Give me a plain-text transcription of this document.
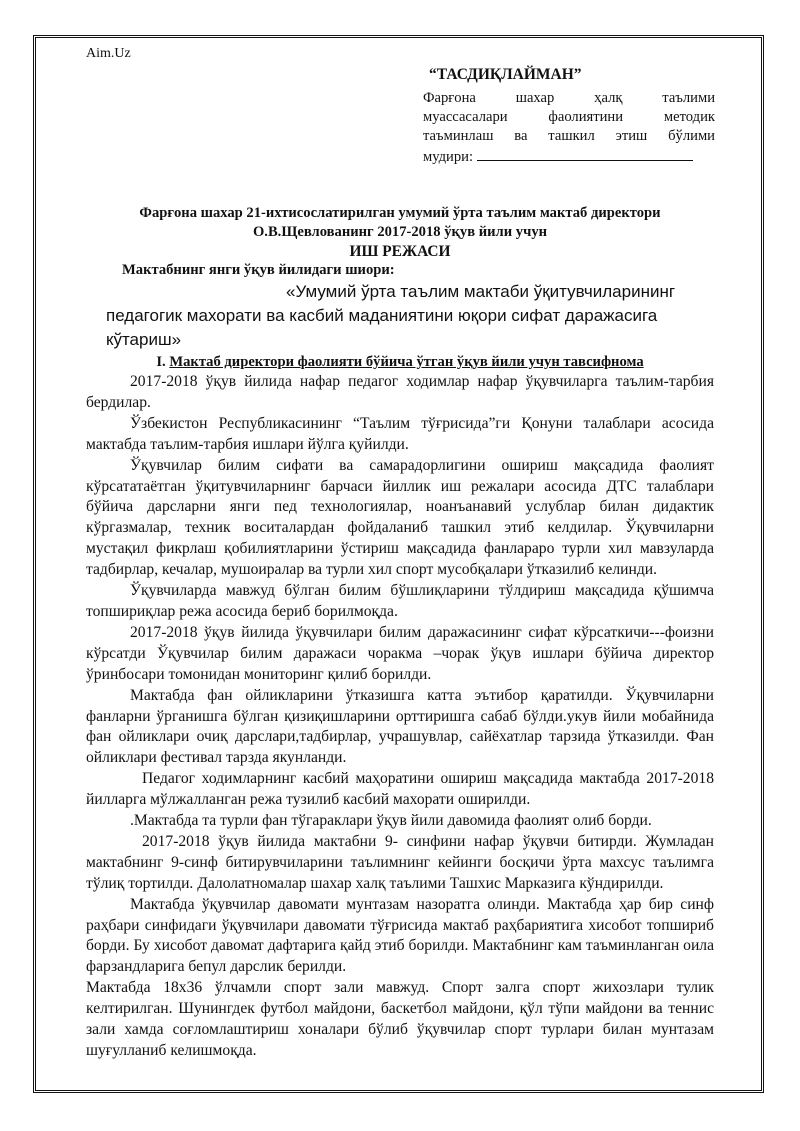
Aim.Uz

“ТАСДИҚЛАЙМАН”

Фарғона шахар ҳалқ таълими

муассасалари фаолиятини методик

таъминлаш ва ташкил этиш бўлими

мудири:

Фарғона шахар 21-ихтисослатирилган умумий ўрта таълим мактаб директори

О.В.Щевлованинг 2017-2018 ўқув йили учун

ИШ РЕЖАСИ

Мактабнинг янги ўқув йилидаги шиори:

«Умумий ўрта таълим мактаби ўқитувчиларининг
педагогик махорати ва касбий маданиятини юқори сифат даражасига
кўтариш»

I. Мактаб директори фаолияти бўйича ўтган ўқув йили учун тавсифнома

2017-2018 ўқув йилида нафар педагог ходимлар нафар ўқувчиларга таълим-тарбия бердилар.

Ўзбекистон Республикасининг “Таълим тўғрисида”ги Қонуни талаблари асосида мактабда таълим-тарбия ишлари йўлга қуйилди.

Ўқувчилар билим сифати ва самарадорлигини ошириш мақсадида фаолият кўрсататаётган ўқитувчиларнинг барчаси йиллик иш режалари асосида ДТС талаблари бўйича дарсларни янги пед технологиялар, ноанъанавий услублар билан дидактик кўргазмалар, техник воситалардан фойдаланиб ташкил этиб келдилар. Ўқувчиларни мустақил фикрлаш қобилиятларини ўстириш мақсадида фанлараро турли хил мавзуларда тадбирлар, кечалар, мушоиралар ва турли хил спорт мусобқалари ўтказилиб келинди.

Ўқувчиларда мавжуд бўлган билим бўшлиқларини тўлдириш мақсадида қўшимча топшириқлар режа асосида бериб борилмоқда.

2017-2018 ўқув йилида ўқувчилари билим даражасининг сифат кўрсаткичи---фоизни кўрсатди Ўқувчилар билим даражаси чоракма –чорак ўқув ишлари бўйича директор ўринбосари томонидан мониторинг қилиб борилди.

Мактабда фан ойликларини ўтказишга катта эътибор қаратилди. Ўқувчиларни фанларни ўрганишга бўлган қизиқишларини орттиришга сабаб бўлди.укув йили мобайнида фан ойликлари очиқ дарслари,тадбирлар, учрашувлар, сайёхатлар тарзида ўтказилди. Фан ойликлари фестивал тарзда якунланди.

Педагог ходимларнинг касбий маҳоратини ошириш мақсадида мактабда 2017-2018 йилларга мўлжалланган режа тузилиб касбий махорати оширилди.

.Мактабда та турли фан тўгараклари ўқув йили давомида фаолият олиб борди.

2017-2018 ўқув йилида мактабни 9- синфини нафар ўқувчи битирди. Жумладан мактабнинг 9-синф битирувчиларини таълимнинг кейинги босқичи ўрта махсус таълимга тўлиқ тортилди. Далолатномалар шахар халқ таълими Ташхис Марказига кўндирилди.

Мактабда ўқувчилар давомати мунтазам назоратга олинди. Мактабда ҳар бир синф раҳбари синфидаги ўқувчилари давомати тўғрисида мактаб раҳбариятига хисобот топшириб борди. Бу хисобот давомат дафтарига қайд этиб борилди. Мактабнинг кам таъминланган оила фарзандларига бепул дарслик берилди.

Мактабда 18х36 ўлчамли спорт зали мавжуд. Спорт залга спорт жихозлари тулик келтирилган. Шунингдек футбол майдони, баскетбол майдони, қўл тўпи майдони ва теннис зали хамда соғломлаштириш хоналари бўлиб ўқувчилар спорт турлари билан мунтазам шуғулланиб келишмоқда.
